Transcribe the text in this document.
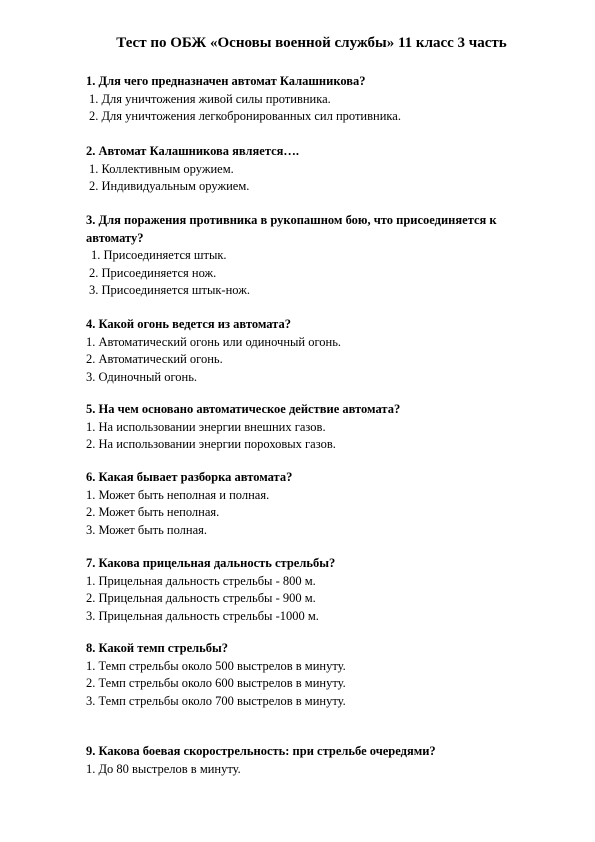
Тест по ОБЖ «Основы военной службы» 11 класс 3 часть

1. Для чего предназначен автомат Калашникова?

1. Для уничтожения живой силы противника.

2. Для уничтожения легкобронированных сил противника.

2. Автомат Калашникова является….

1. Коллективным оружием.

2. Индивидуальным оружием.

3. Для поражения противника в рукопашном бою, что присоединяется к автомату?

1. Присоединяется штык.

2. Присоединяется нож.

3. Присоединяется штык-нож.

4. Какой огонь ведется из автомата?

1. Автоматический огонь или одиночный огонь.

2. Автоматический огонь.

3. Одиночный огонь.

5. На чем основано автоматическое действие автомата?

1. На использовании энергии внешних газов.

2. На использовании энергии пороховых газов.

6. Какая бывает разборка автомата?

1. Может быть неполная и полная.

2. Может быть неполная.

3. Может быть полная.

7. Какова прицельная дальность стрельбы?

1. Прицельная дальность стрельбы - 800 м.

2. Прицельная дальность стрельбы - 900 м.

3. Прицельная дальность стрельбы -1000 м.

8. Какой темп стрельбы?

1. Темп стрельбы около 500 выстрелов в минуту.

2. Темп стрельбы около 600 выстрелов в минуту.

3. Темп стрельбы около 700 выстрелов в минуту.

9. Какова боевая скорострельность: при стрельбе очередями?

1. До 80 выстрелов в минуту.
